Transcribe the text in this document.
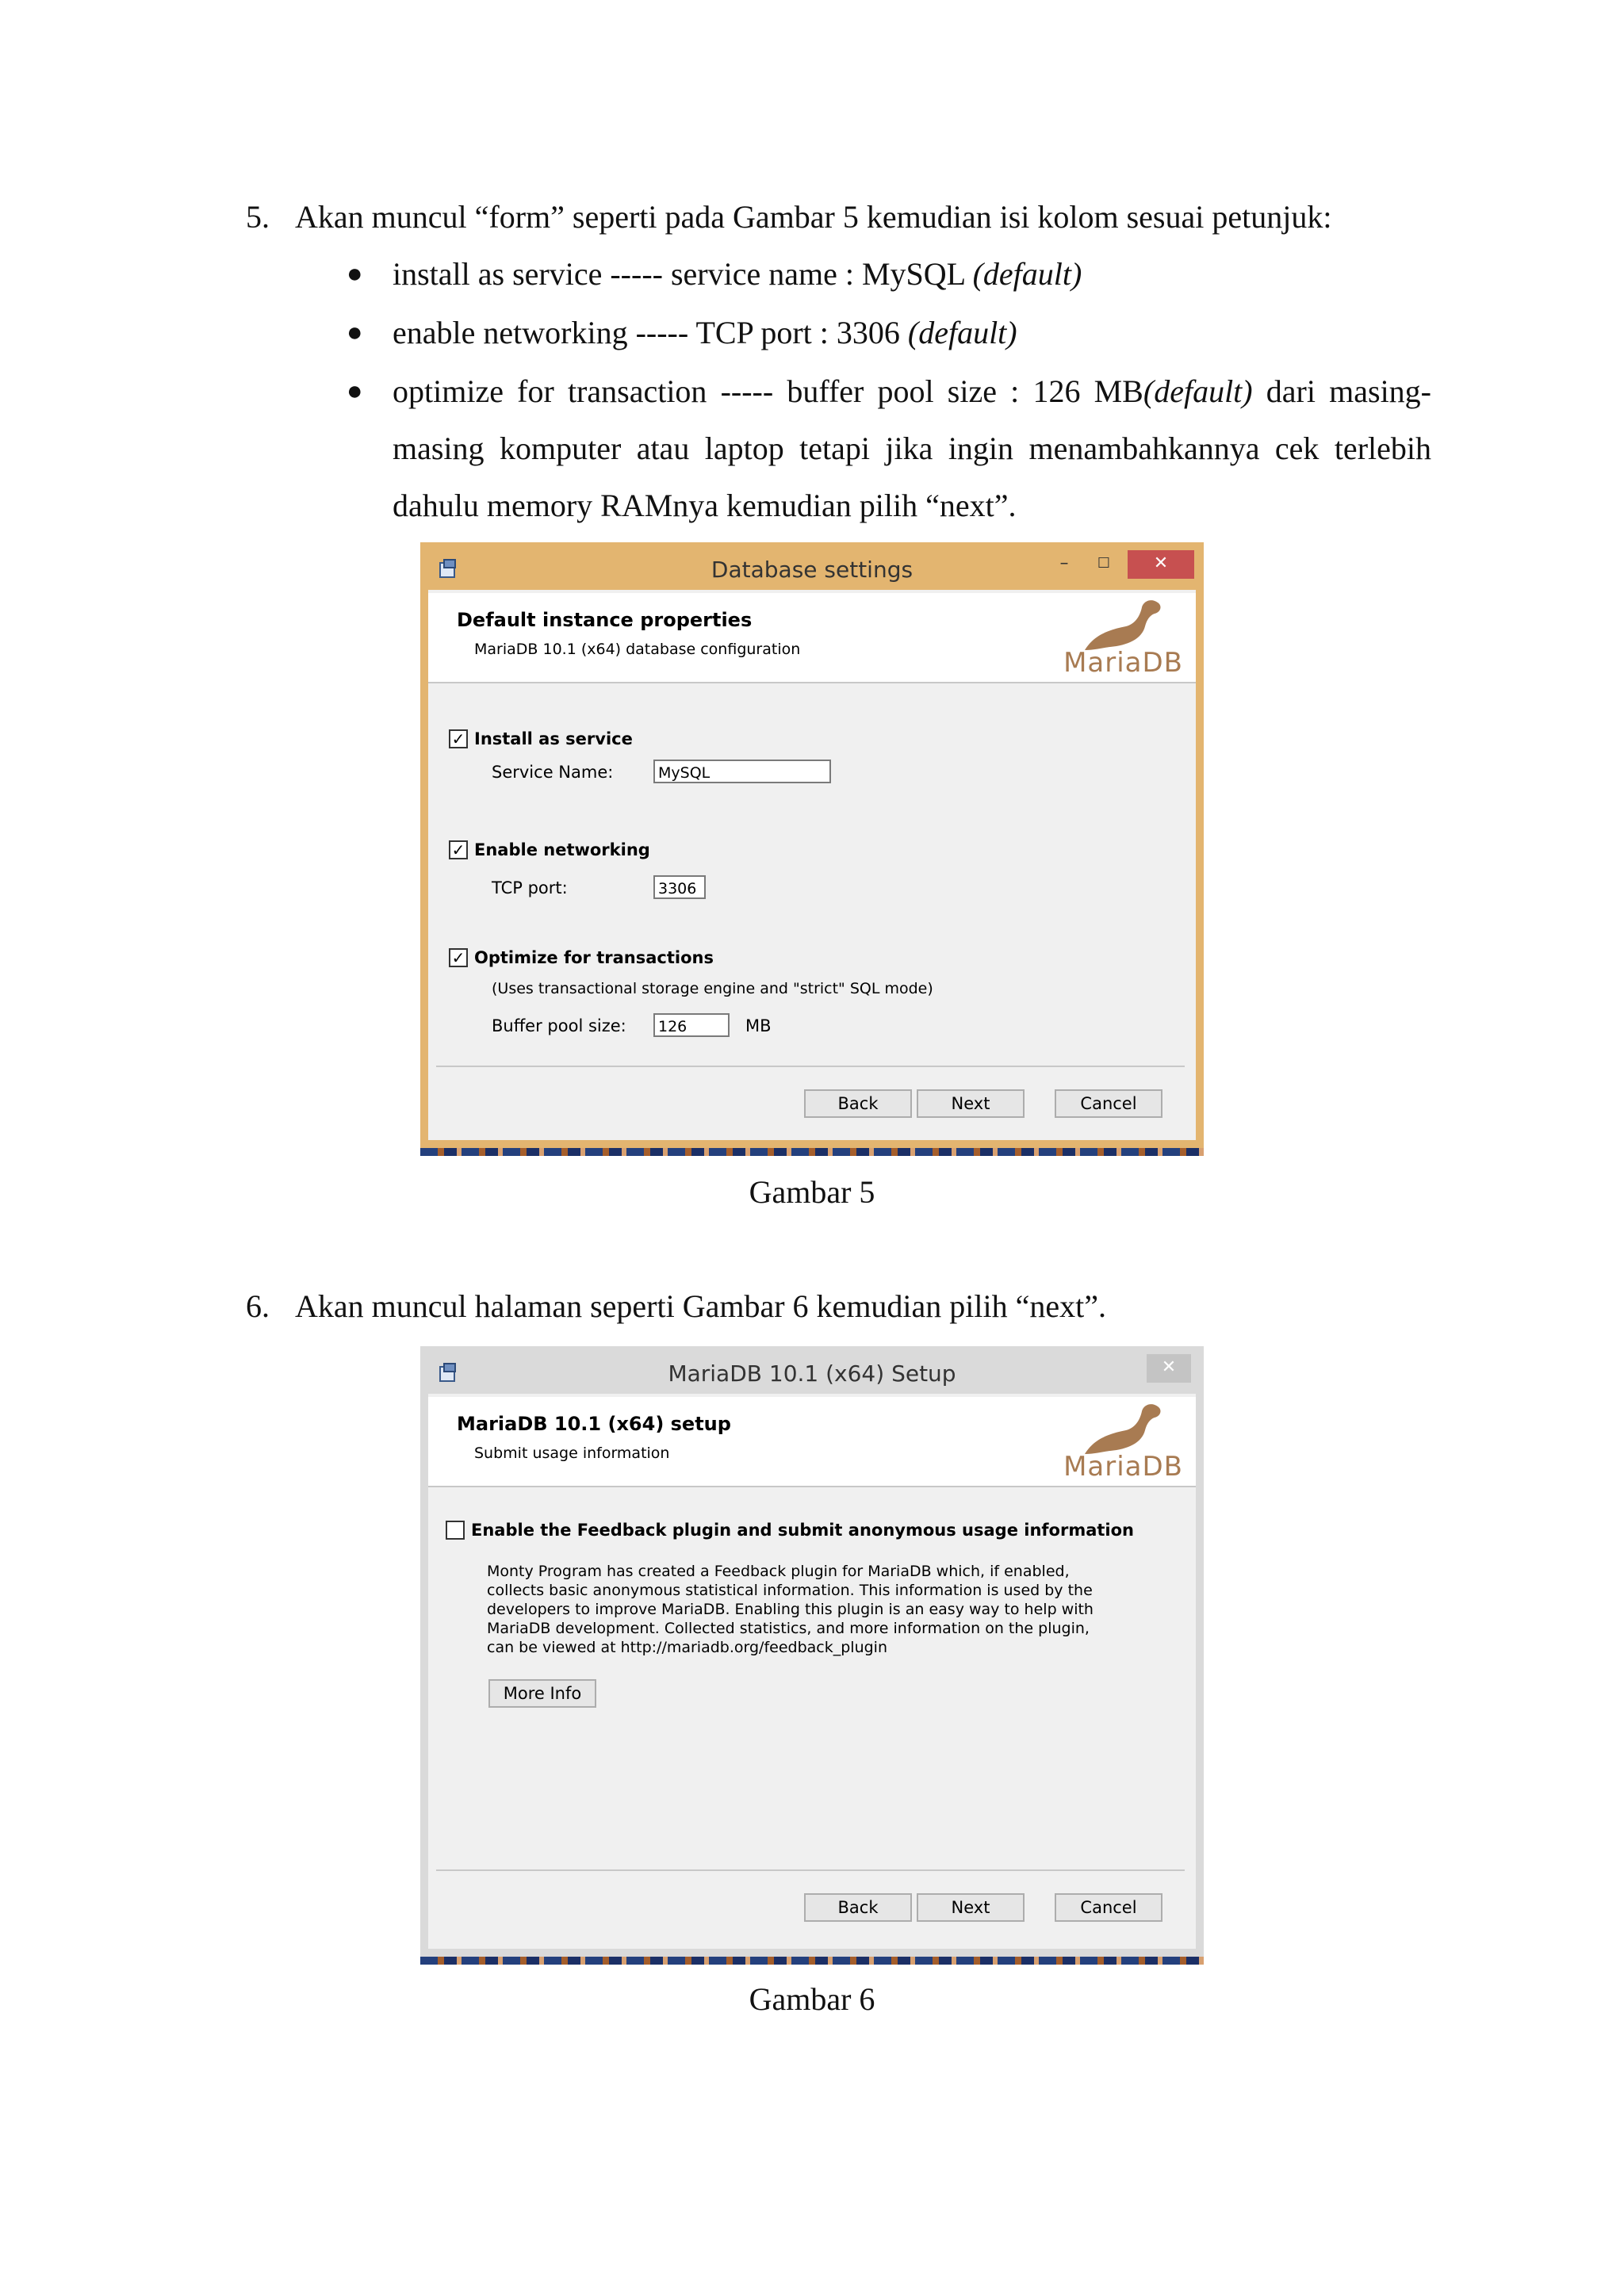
5. Akan muncul “form” seperti pada Gambar 5 kemudian isi kolom sesuai petunjuk:
● install as service ----- service name : MySQL (default)
● enable networking ----- TCP port : 3306 (default)
● optimize for transaction ----- buffer pool size : 126 MB(default) dari masing-masing komputer atau laptop tetapi jika ingin menambahkannya cek terlebih dahulu memory RAMnya kemudian pilih “next”.
Database settings	–	☐	✕
Default instance properties
MariaDB 10.1 (x64) database configuration	MariaDB
✓ Install as service
Service Name:	MySQL
✓ Enable networking
TCP port:	3306
✓ Optimize for transactions
(Uses transactional storage engine and "strict" SQL mode)
Buffer pool size:	126	MB
Back	Next	Cancel
Gambar 5
6. Akan muncul halaman seperti Gambar 6 kemudian pilih “next”.
MariaDB 10.1 (x64) Setup	✕
MariaDB 10.1 (x64) setup
Submit usage information	MariaDB
Enable the Feedback plugin and submit anonymous usage information
Monty Program has created a Feedback plugin for MariaDB which, if enabled,
collects basic anonymous statistical information. This information is used by the
developers to improve MariaDB. Enabling this plugin is an easy way to help with
MariaDB development. Collected statistics, and more information on the plugin,
can be viewed at http://mariadb.org/feedback_plugin
More Info
Back	Next	Cancel
Gambar 6
